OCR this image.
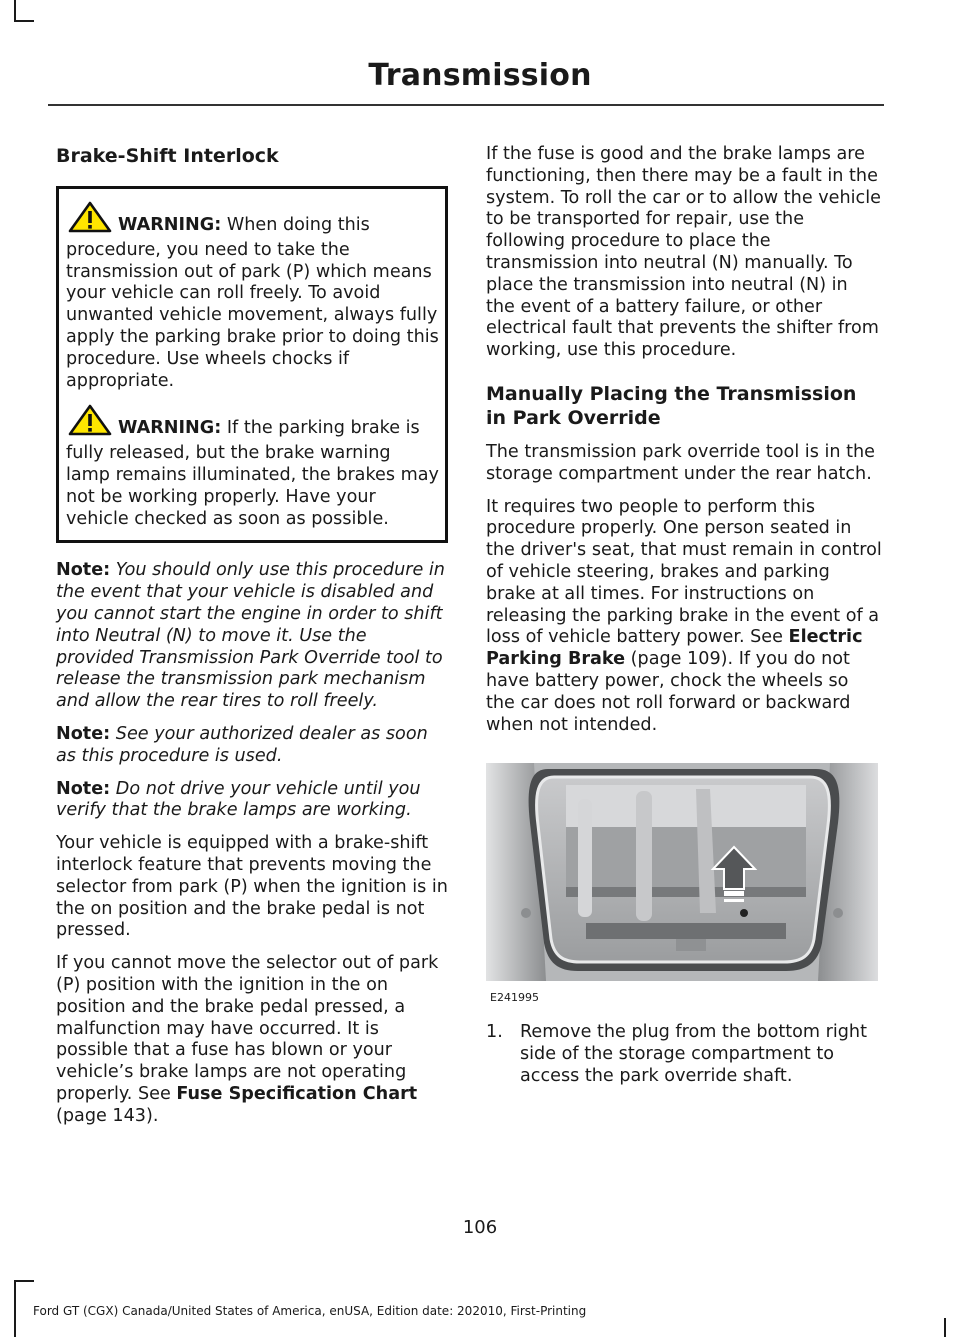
Transmission
Brake-Shift Interlock

WARNING: When doing this procedure, you need to take the transmission out of park (P) which means your vehicle can roll freely. To avoid unwanted vehicle movement, always fully apply the parking brake prior to doing this procedure. Use wheels chocks if appropriate.

WARNING: If the parking brake is fully released, but the brake warning lamp remains illuminated, the brakes may not be working properly. Have your vehicle checked as soon as possible.

Note: You should only use this procedure in the event that your vehicle is disabled and you cannot start the engine in order to shift into Neutral (N) to move it. Use the provided Transmission Park Override tool to release the transmission park mechanism and allow the rear tires to roll freely.

Note: See your authorized dealer as soon as this procedure is used.

Note: Do not drive your vehicle until you verify that the brake lamps are working.

Your vehicle is equipped with a brake-shift interlock feature that prevents moving the selector from park (P) when the ignition is in the on position and the brake pedal is not pressed.

If you cannot move the selector out of park (P) position with the ignition in the on position and the brake pedal pressed, a malfunction may have occurred. It is possible that a fuse has blown or your vehicle’s brake lamps are not operating properly. See Fuse Specification Chart (page 143).

If the fuse is good and the brake lamps are functioning, then there may be a fault in the system. To roll the car or to allow the vehicle to be transported for repair, use the following procedure to place the transmission into neutral (N) manually. To place the transmission into neutral (N) in the event of a battery failure, or other electrical fault that prevents the shifter from working, use this procedure.

Manually Placing the Transmission in Park Override

The transmission park override tool is in the storage compartment under the rear hatch.

It requires two people to perform this procedure properly. One person seated in the driver's seat, that must remain in control of vehicle steering, brakes and parking brake at all times. For instructions on releasing the parking brake in the event of a loss of vehicle battery power. See Electric Parking Brake (page 109). If you do not have battery power, chock the wheels so the car does not roll forward or backward when not intended.

E241995
1. Remove the plug from the bottom right side of the storage compartment to access the park override shaft.
106
Ford GT (CGX) Canada/United States of America, enUSA, Edition date: 202010, First-Printing
